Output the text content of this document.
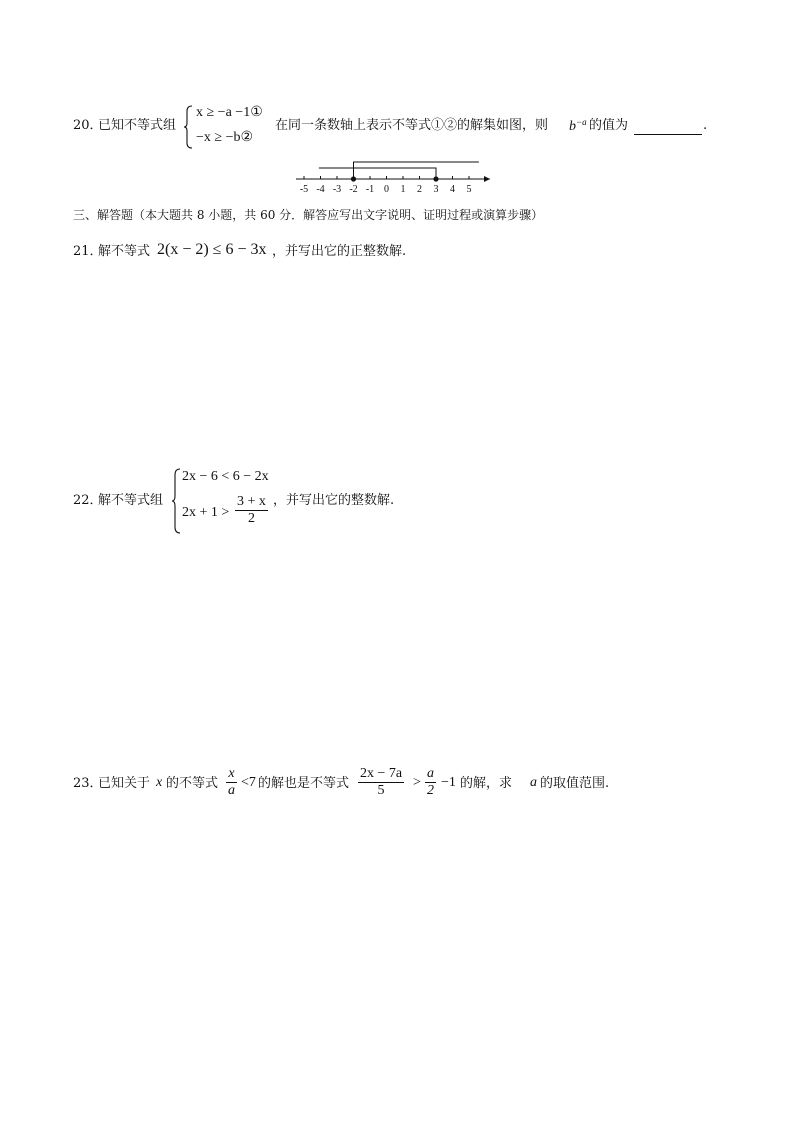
20．
已知不等式组
x ≥ −a −1①
−x ≥ −b②
在同一条数轴上表示不等式①②的解集如图，则 $b^{-a}$ 的值为	.
-5 -4 -3 -2 -1 0 1 2 3 4 5
三、解答题（本大题共 8 小题，共 60 分．解答应写出文字说明、证明过程或演算步骤）
21．
解不等式 2(x − 2) ≤ 6 − 3x ，并写出它的正整数解.
22．
解不等式组
2x − 6 < 6 − 2x
$2x + 1 > \frac{3 + x}{2}$ ，并写出它的整数解.
23．
已知关于 x 的不等式 $\frac{x}{a} <7$ 的解也是不等式 $\frac{2x - 7a}{5} > \frac{a}{2} -1$ 的解，求 a 的取值范围.
